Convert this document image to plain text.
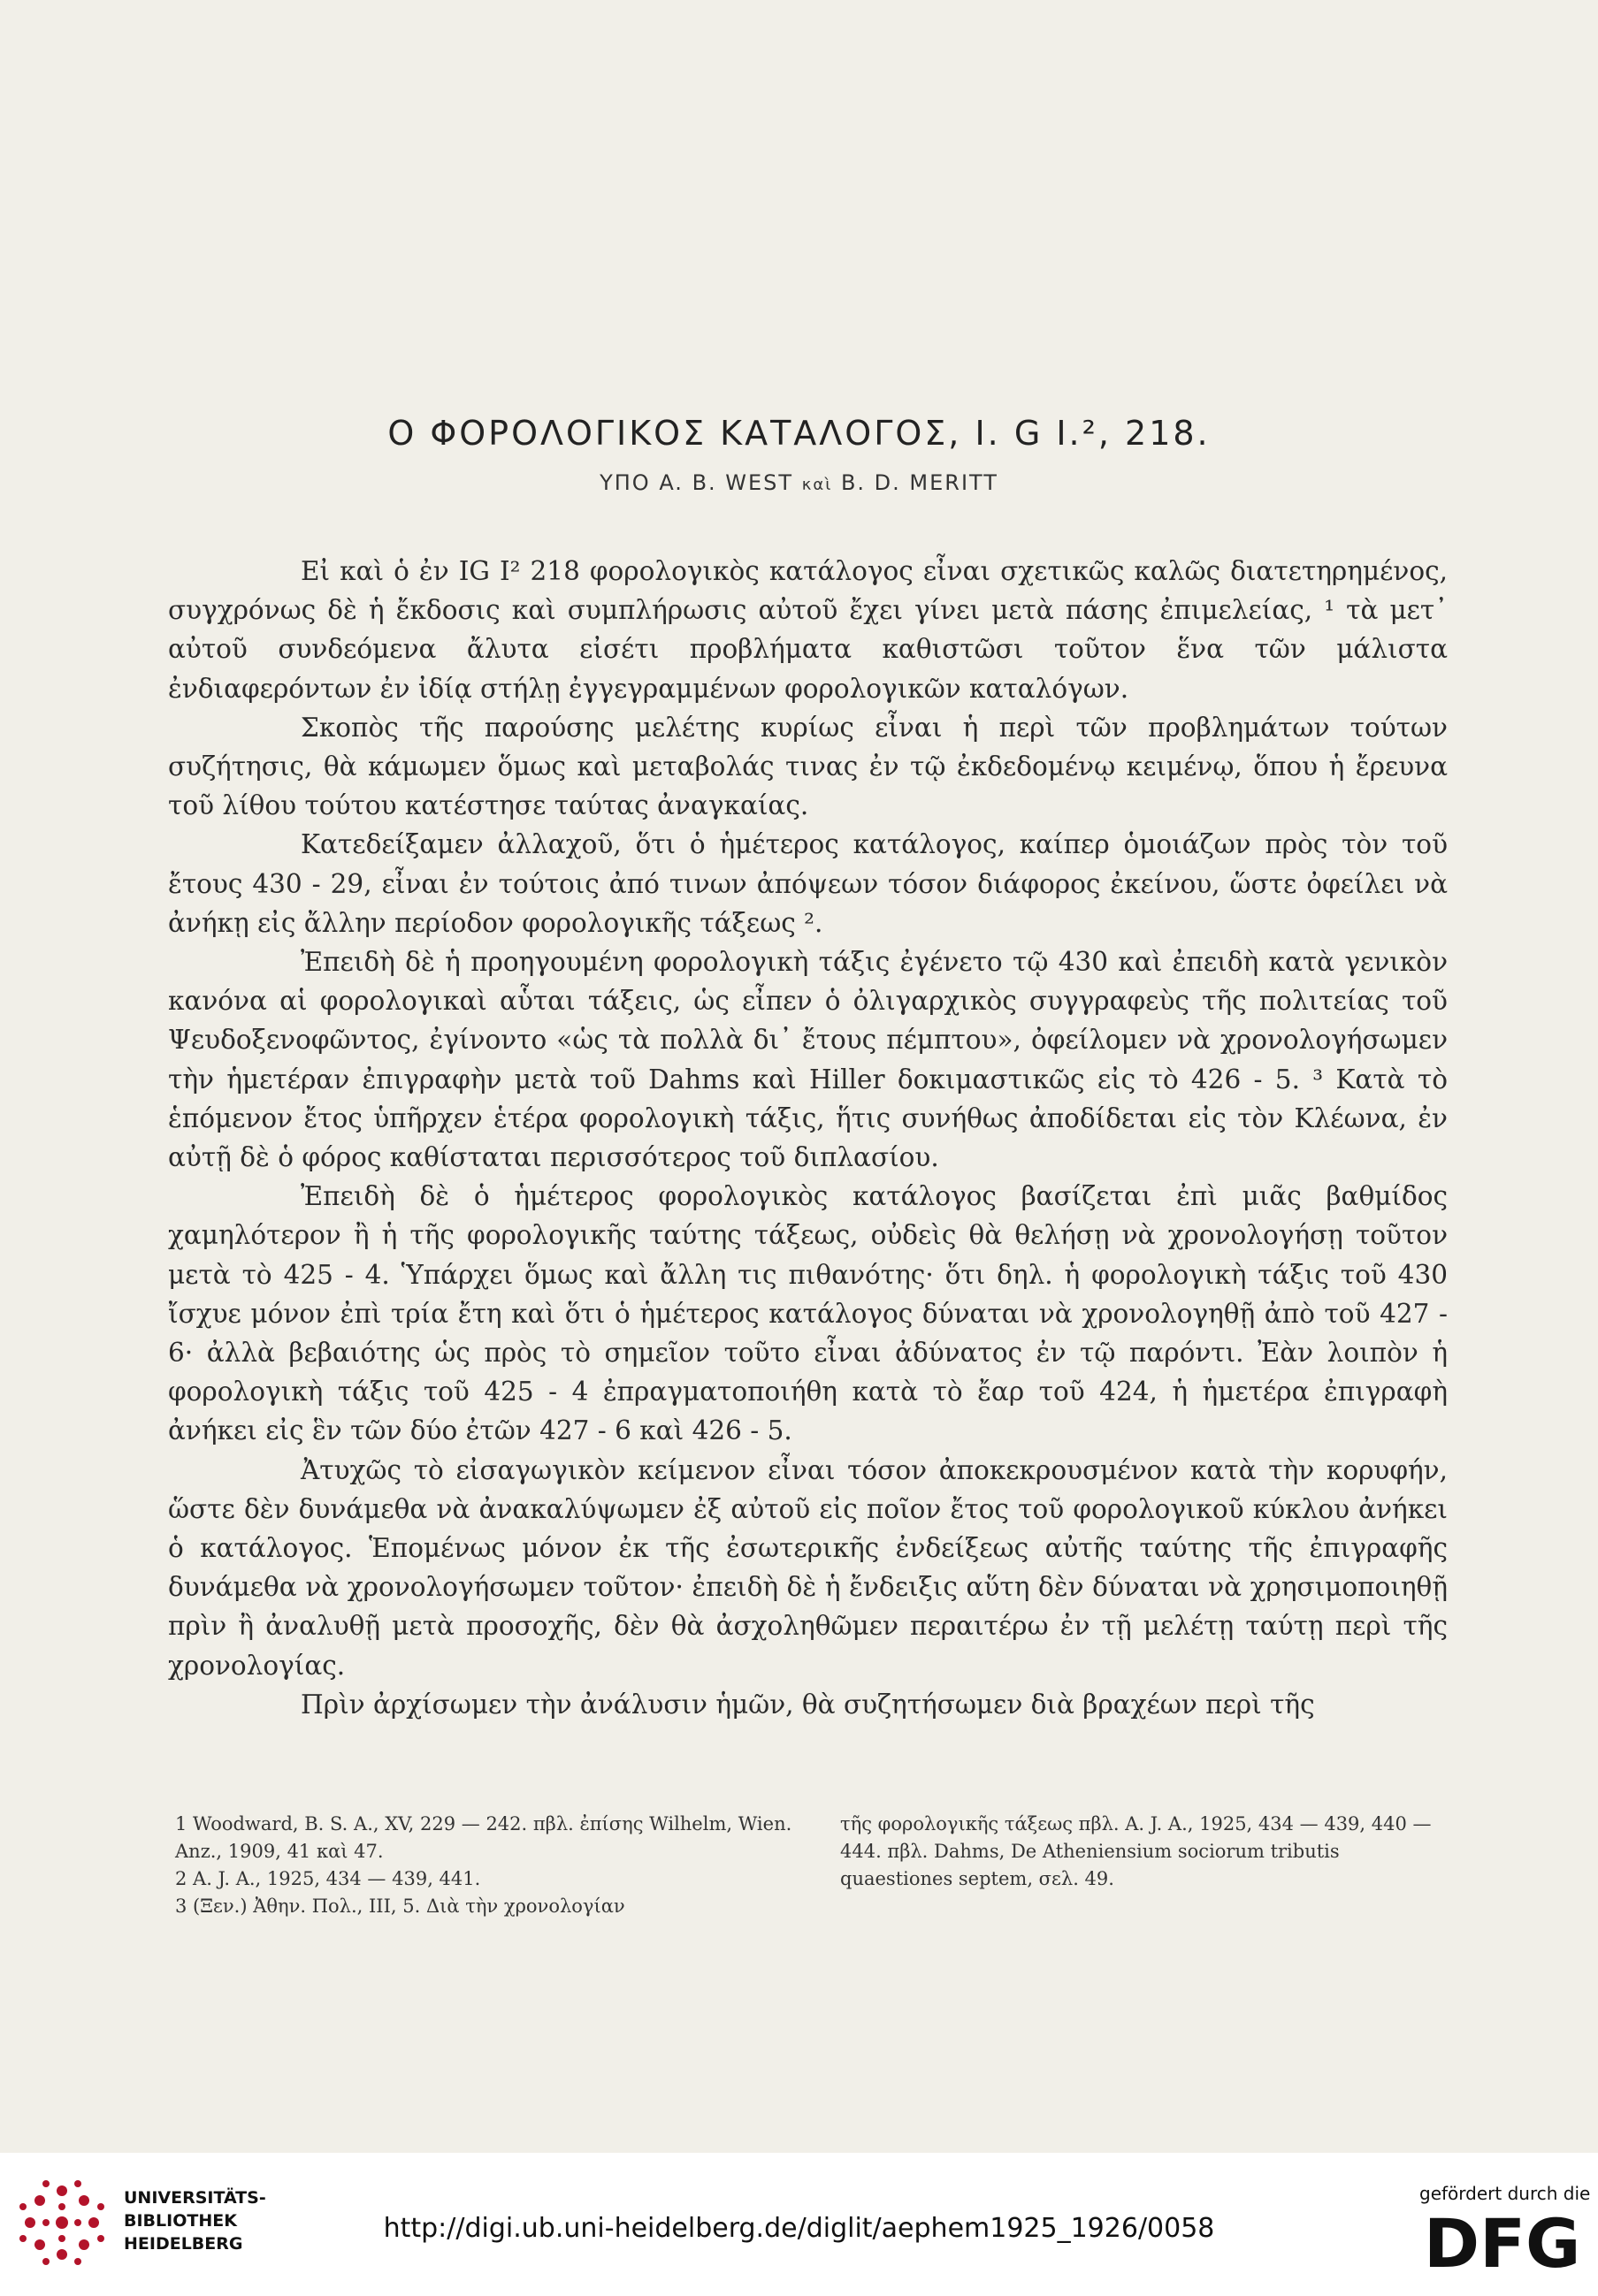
Ο ΦΟΡΟΛΟΓΙΚΟΣ ΚΑΤΑΛΟΓΟΣ, I. G I.², 218.
ΥΠΟ A. B. WEST καὶ B. D. MERITT

Εἰ καὶ ὁ ἐν IG I² 218 φορολογικὸς κατάλογος εἶναι σχετικῶς καλῶς διατετηρημένος, συγχρόνως δὲ ἡ ἔκδοσις καὶ συμπλήρωσις αὐτοῦ ἔχει γίνει μετὰ πάσης ἐπιμελείας, ¹ τὰ μετ᾽ αὐτοῦ συνδεόμενα ἄλυτα εἰσέτι προβλήματα καθιστῶσι τοῦτον ἕνα τῶν μάλιστα ἐνδιαφερόντων ἐν ἰδίᾳ στήλῃ ἐγγεγραμμένων φορολογικῶν καταλόγων.

Σκοπὸς τῆς παρούσης μελέτης κυρίως εἶναι ἡ περὶ τῶν προβλημάτων τούτων συζήτησις, θὰ κάμωμεν ὅμως καὶ μεταβολάς τινας ἐν τῷ ἐκδεδομένῳ κειμένῳ, ὅπου ἡ ἔρευνα τοῦ λίθου τούτου κατέστησε ταύτας ἀναγκαίας.

Κατεδείξαμεν ἀλλαχοῦ, ὅτι ὁ ἡμέτερος κατάλογος, καίπερ ὁμοιάζων πρὸς τὸν τοῦ ἔτους 430 - 29, εἶναι ἐν τούτοις ἀπό τινων ἀπόψεων τόσον διάφορος ἐκείνου, ὥστε ὀφείλει νὰ ἀνήκῃ εἰς ἄλλην περίοδον φορολογικῆς τάξεως ².

Ἐπειδὴ δὲ ἡ προηγουμένη φορολογικὴ τάξις ἐγένετο τῷ 430 καὶ ἐπειδὴ κατὰ γενικὸν κανόνα αἱ φορολογικαὶ αὗται τάξεις, ὡς εἶπεν ὁ ὀλιγαρχικὸς συγγραφεὺς τῆς πολιτείας τοῦ Ψευδοξενοφῶντος, ἐγίνοντο «ὡς τὰ πολλὰ δι᾽ ἔτους πέμπτου», ὀφείλομεν νὰ χρονολογήσωμεν τὴν ἡμετέραν ἐπιγραφὴν μετὰ τοῦ Dahms καὶ Hiller δοκιμαστικῶς εἰς τὸ 426 - 5. ³ Κατὰ τὸ ἑπόμενον ἔτος ὑπῆρχεν ἑτέρα φορολογικὴ τάξις, ἥτις συνήθως ἀποδίδεται εἰς τὸν Κλέωνα, ἐν αὐτῇ δὲ ὁ φόρος καθίσταται περισσότερος τοῦ διπλασίου.

Ἐπειδὴ δὲ ὁ ἡμέτερος φορολογικὸς κατάλογος βασίζεται ἐπὶ μιᾶς βαθμίδος χαμηλότερον ἢ ἡ τῆς φορολογικῆς ταύτης τάξεως, οὐδεὶς θὰ θελήσῃ νὰ χρονολογήσῃ τοῦτον μετὰ τὸ 425 - 4. Ὑπάρχει ὅμως καὶ ἄλλη τις πιθανότης· ὅτι δηλ. ἡ φορολογικὴ τάξις τοῦ 430 ἴσχυε μόνον ἐπὶ τρία ἔτη καὶ ὅτι ὁ ἡμέτερος κατάλογος δύναται νὰ χρονολογηθῇ ἀπὸ τοῦ 427 - 6· ἀλλὰ βεβαιότης ὡς πρὸς τὸ σημεῖον τοῦτο εἶναι ἀδύνατος ἐν τῷ παρόντι. Ἐὰν λοιπὸν ἡ φορολογικὴ τάξις τοῦ 425 - 4 ἐπραγματοποιήθη κατὰ τὸ ἔαρ τοῦ 424, ἡ ἡμετέρα ἐπιγραφὴ ἀνήκει εἰς ἓν τῶν δύο ἐτῶν 427 - 6 καὶ 426 - 5.

Ἀτυχῶς τὸ εἰσαγωγικὸν κείμενον εἶναι τόσον ἀποκεκρουσμένον κατὰ τὴν κορυφήν, ὥστε δὲν δυνάμεθα νὰ ἀνακαλύψωμεν ἐξ αὐτοῦ εἰς ποῖον ἔτος τοῦ φορολογικοῦ κύκλου ἀνήκει ὁ κατάλογος. Ἑπομένως μόνον ἐκ τῆς ἐσωτερικῆς ἐνδείξεως αὐτῆς ταύτης τῆς ἐπιγραφῆς δυνάμεθα νὰ χρονολογήσωμεν τοῦτον· ἐπειδὴ δὲ ἡ ἔνδειξις αὕτη δὲν δύναται νὰ χρησιμοποιηθῇ πρὶν ἢ ἀναλυθῇ μετὰ προσοχῆς, δὲν θὰ ἀσχοληθῶμεν περαιτέρω ἐν τῇ μελέτῃ ταύτῃ περὶ τῆς χρονολογίας.

Πρὶν ἀρχίσωμεν τὴν ἀνάλυσιν ἡμῶν, θὰ συζητήσωμεν διὰ βραχέων περὶ τῆς

1 Woodward, B. S. A., XV, 229 — 242. πβλ. ἐπίσης Wilhelm, Wien. Anz., 1909, 41 καὶ 47.

2 A. J. A., 1925, 434 — 439, 441.

3 (Ξεν.) Ἀθην. Πολ., III, 5. Διὰ τὴν χρονολογίαν

τῆς φορολογικῆς τάξεως πβλ. A. J. A., 1925, 434 — 439, 440 — 444. πβλ. Dahms, De Atheniensium sociorum tributis quaestiones septem, σελ. 49.

UNIVERSITÄTS-
BIBLIOTHEK
HEIDELBERG	http://digi.ub.uni-heidelberg.de/diglit/aephem1925_1926/0058
gefördert durch die
DFG
